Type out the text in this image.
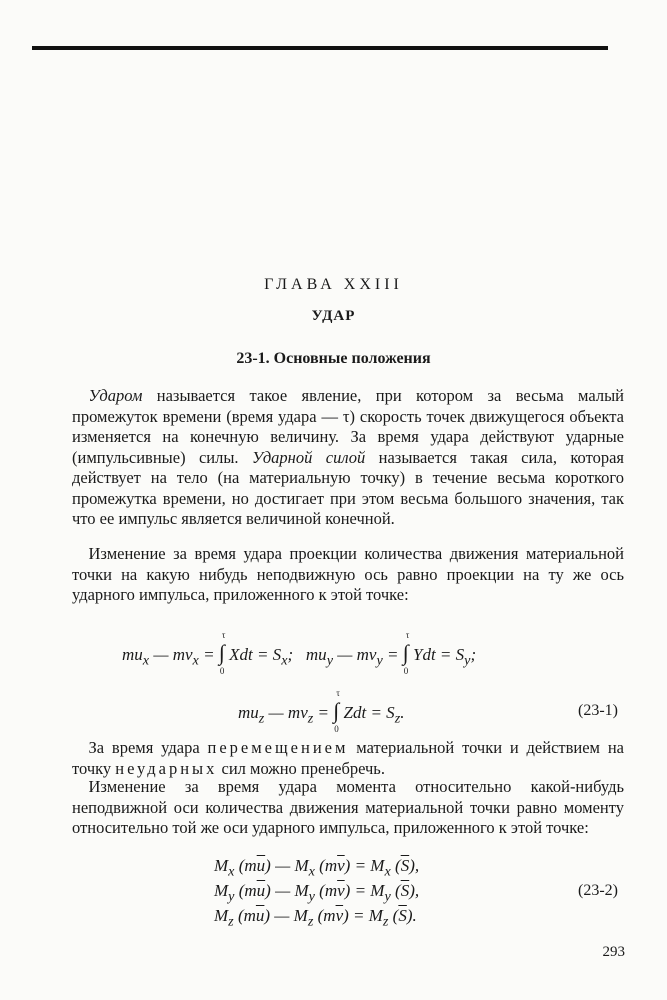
ГЛАВА XXIII
УДАР
23-1. Основные положения

 Ударом называется такое явление, при котором за весьма малый промежуток времени (время удара — τ) скорость точек движущегося объекта изменяется на конечную величину. За время удара действуют ударные (импульсивные) силы. Ударной силой называется такая сила, которая действует на тело (на материальную точку) в течение весьма короткого промежутка времени, но достигает при этом весьма большого значения, так что ее импульс является величиной конечной.

 Изменение за время удара проекции количества движения материальной точки на какую нибудь неподвижную ось равно проекции на ту же ось ударного импульса, приложенного к этой точке:

$mu_x$ — $mv_x$ = ∫
τ
0
Xdt = $S_x$;   $mu_y$ — $mv_y$ = ∫
τ
0
Ydt = $S_y$;
$mu_z$ — $mv_z$ = ∫
τ
0
Zdt = $S_z$.	(23-1)

 За время удара перемещением материальной точки и действием на точку неударных сил можно пренебречь.

 Изменение за время удара момента относительно какой-нибудь неподвижной оси количества движения материальной точки равно моменту относительно той же оси ударного импульса, приложенного к этой точке:

$M_x$ $(m\overline{u})$ — $M_x$ $(m\overline{v}) = M_x$ $(\overline{S})$,
$M_y$ $(m\overline{u})$ — $M_y$ $(m\overline{v}) = M_y$ $(\overline{S})$,
$M_z$ $(m\overline{u})$ — $M_z$ $(m\overline{v}) = M_z$ $(\overline{S})$.
(23-2)
293
